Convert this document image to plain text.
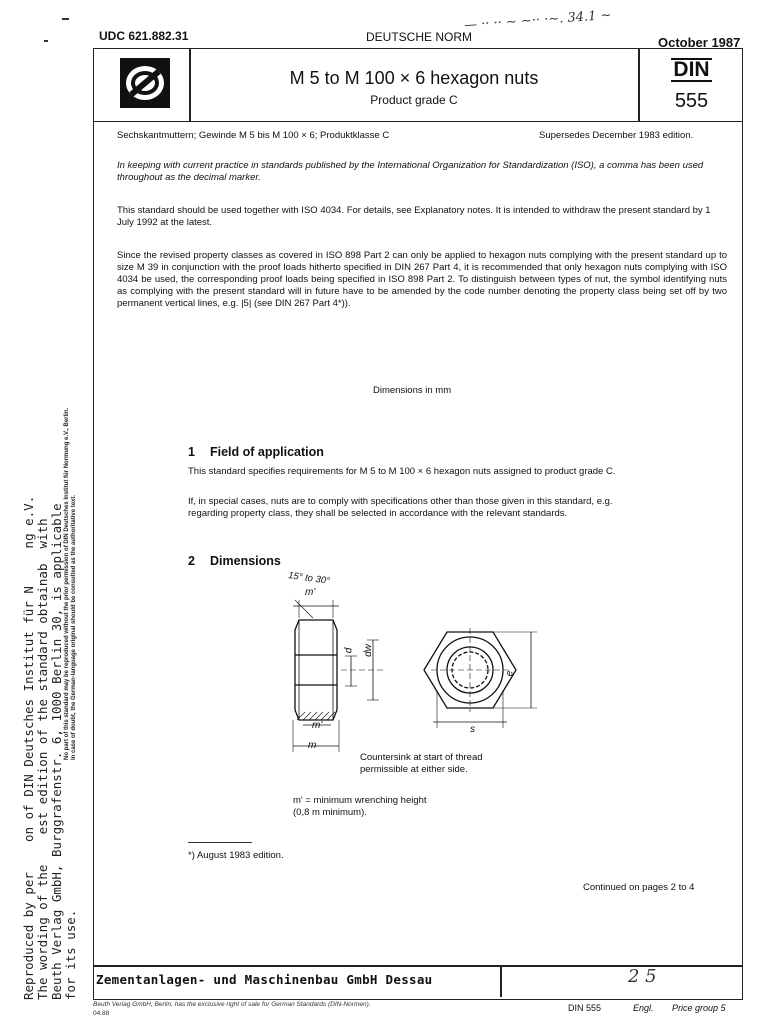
UDC 621.882.31	DEUTSCHE NORM
— ·· ·· ~ ~·· ·~. 34.1 ~
October 1987
M 5 to M 100 × 6 hexagon nuts
Product grade C
DIN
555
Sechskantmuttern; Gewinde M 5 bis M 100 × 6; Produktklasse C	Supersedes December 1983 edition.
In keeping with current practice in standards published by the International Organization for Standardization (ISO), a comma has been used throughout as the decimal marker.
This standard should be used together with ISO 4034. For details, see Explanatory notes. It is intended to withdraw the present standard by 1 July 1992 at the latest.
Since the revised property classes as covered in ISO 898 Part 2 can only be applied to hexagon nuts complying with the present standard up to size M 39 in conjunction with the proof loads hitherto specified in DIN 267 Part 4, it is recommended that only hexagon nuts complying with ISO 4034 be used, the corresponding proof loads being specified in ISO 898 Part 2. To distinguish between types of nut, the symbol identifying nuts as complying with the present standard will in future have to be amended by the code number denoting the property class being set off by two permanent vertical lines, e.g. |5| (see DIN 267 Part 4*)).
Dimensions in mm
1 Field of application
This standard specifies requirements for M 5 to M 100 × 6 hexagon nuts assigned to product grade C.
If, in special cases, nuts are to comply with specifications other than those given in this standard, e.g. regarding property class, they shall be selected in accordance with the relevant standards.
2 Dimensions
15° to 30°
m'
m'
m
d dw
s
e
Countersink at start of thread permissible at either side.
m' = minimum wrenching height
(0,8 m minimum).
*) August 1983 edition.
Continued on pages 2 to 4
Zementanlagen- und Maschinenbau GmbH Dessau	2 5
Beuth Verlag GmbH, Berlin, has the exclusive right of sale for German Standards (DIN-Normen).
04.88
DIN 555	Engl. Price group 5
Reproduced by per    on of DIN Deutsches Institut für N     ng e.V.
The wording of the    est edition of the standard obtainab  with
Beuth Verlag GmbH, Burggrafenstr. 6, 1000 Berlin 30, is applicable
for its use.
No part of this standard may be reproduced without the prior permission of DIN Deutsches Institut für Normung e.V., Berlin. In case of doubt, the German-language original should be consulted as the authoritative text.
